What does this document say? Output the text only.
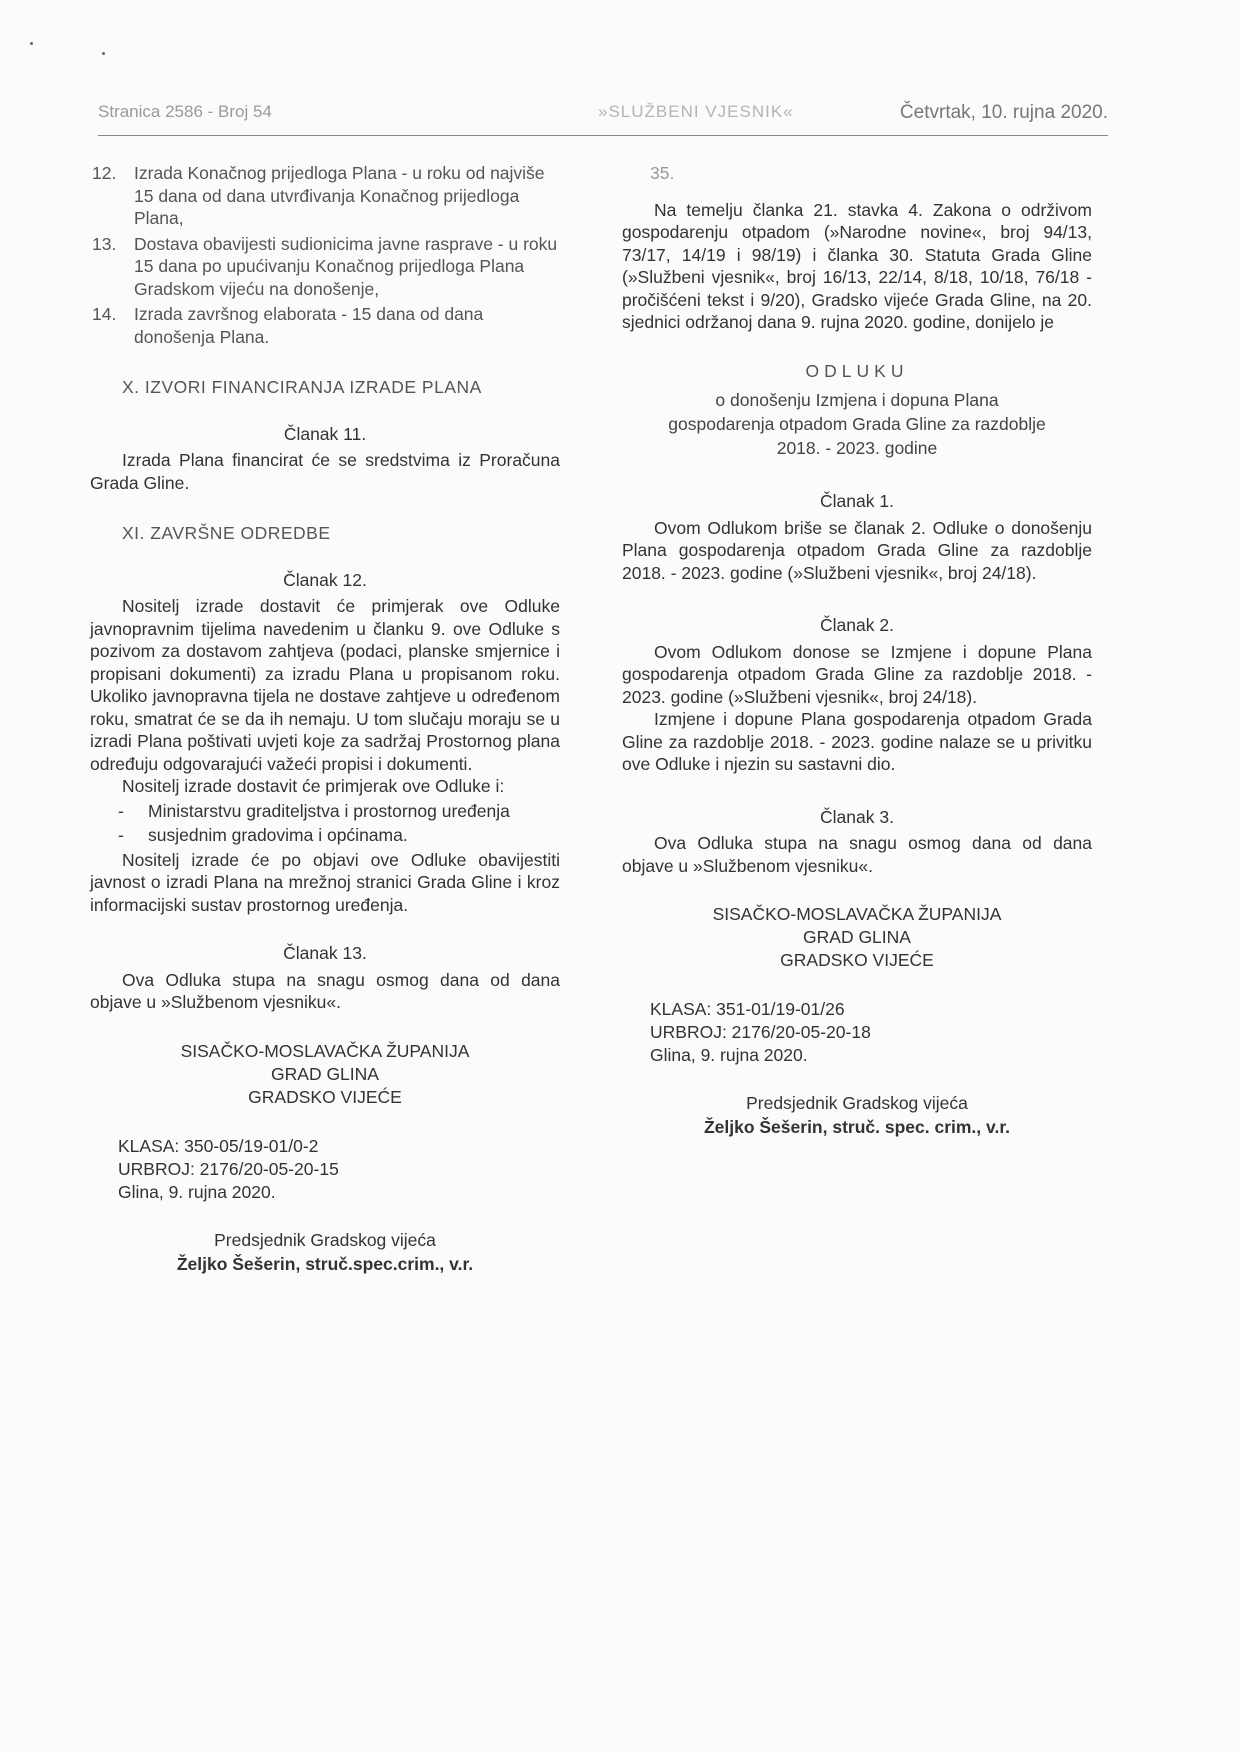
Stranica 2586 - Broj 54	»SLUŽBENI VJESNIK«	Četvrtak, 10. rujna 2020.
12.	Izrada Konačnog prijedloga Plana - u roku od najviše 15 dana od dana utvrđivanja Konačnog prijedloga Plana,
13.	Dostava obavijesti sudionicima javne rasprave - u roku 15 dana po upućivanju Konačnog prijedloga Plana Gradskom vijeću na donošenje,
14.	Izrada završnog elaborata - 15 dana od dana donošenja Plana.
X. IZVORI FINANCIRANJA IZRADE PLANA
Članak 11.

Izrada Plana financirat će se sredstvima iz Proračuna Grada Gline.

XI. ZAVRŠNE ODREDBE
Članak 12.

Nositelj izrade dostavit će primjerak ove Odluke javnopravnim tijelima navedenim u članku 9. ove Odluke s pozivom za dostavom zahtjeva (podaci, planske smjernice i propisani dokumenti) za izradu Plana u propisanom roku. Ukoliko javnopravna tijela ne dostave zahtjeve u određenom roku, smatrat će se da ih nemaju. U tom slučaju moraju se u izradi Plana poštivati uvjeti koje za sadržaj Prostornog plana određuju odgovarajući važeći propisi i dokumenti.

Nositelj izrade dostavit će primjerak ove Odluke i:

- Ministarstvu graditeljstva i prostornog uređenja
- susjednim gradovima i općinama.

Nositelj izrade će po objavi ove Odluke obavijestiti javnost o izradi Plana na mrežnoj stranici Grada Gline i kroz informacijski sustav prostornog uređenja.

Članak 13.

Ova Odluka stupa na snagu osmog dana od dana objave u »Službenom vjesniku«.

SISAČKO-MOSLAVAČKA ŽUPANIJA
GRAD GLINA
GRADSKO VIJEĆE
KLASA: 350-05/19-01/0-2
URBROJ: 2176/20-05-20-15
Glina, 9. rujna 2020.
Predsjednik Gradskog vijeća
Željko Šešerin, struč.spec.crim., v.r.
35.

Na temelju članka 21. stavka 4. Zakona o održivom gospodarenju otpadom (»Narodne novine«, broj 94/13, 73/17, 14/19 i 98/19) i članka 30. Statuta Grada Gline (»Službeni vjesnik«, broj 16/13, 22/14, 8/18, 10/18, 76/18 - pročišćeni tekst i 9/20), Gradsko vijeće Grada Gline, na 20. sjednici održanoj dana 9. rujna 2020. godine, donijelo je

ODLUKU
o donošenju Izmjena i dopuna Plana
gospodarenja otpadom Grada Gline za razdoblje
2018. - 2023. godine
Članak 1.

Ovom Odlukom briše se članak 2. Odluke o donošenju Plana gospodarenja otpadom Grada Gline za razdoblje 2018. - 2023. godine (»Službeni vjesnik«, broj 24/18).

Članak 2.

Ovom Odlukom donose se Izmjene i dopune Plana gospodarenja otpadom Grada Gline za razdoblje 2018. - 2023. godine (»Službeni vjesnik«, broj 24/18).

Izmjene i dopune Plana gospodarenja otpadom Grada Gline za razdoblje 2018. - 2023. godine nalaze se u privitku ove Odluke i njezin su sastavni dio.

Članak 3.

Ova Odluka stupa na snagu osmog dana od dana objave u »Službenom vjesniku«.

SISAČKO-MOSLAVAČKA ŽUPANIJA
GRAD GLINA
GRADSKO VIJEĆE
KLASA: 351-01/19-01/26
URBROJ: 2176/20-05-20-18
Glina, 9. rujna 2020.
Predsjednik Gradskog vijeća
Željko Šešerin, struč. spec. crim., v.r.
